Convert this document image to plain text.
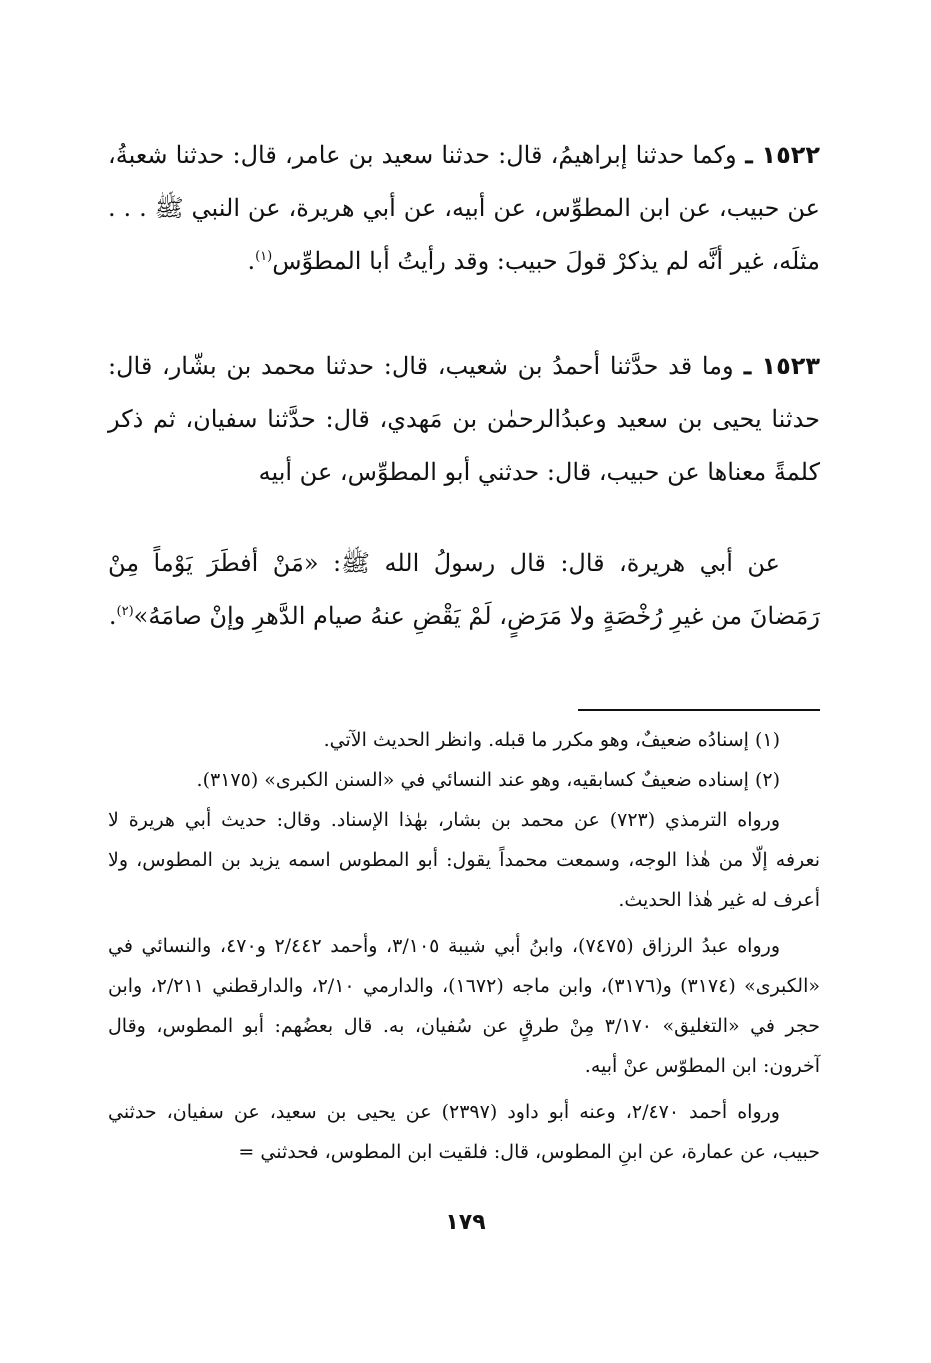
١٥٢٢ ـ وكما حدثنا إبراهيمُ، قال: حدثنا سعيد بن عامر، قال: حدثنا شعبةُ، عن حبيب، عن ابن المطوِّس، عن أبيه، عن أبي هريرة، عن النبي ﷺ . . . مثلَه، غير أنَّه لم يذكرْ قولَ حبيب: وقد رأيتُ أبا المطوِّس$^{(١)}$.

١٥٢٣ ـ وما قد حدَّثنا أحمدُ بن شعيب، قال: حدثنا محمد بن بشّار، قال: حدثنا يحيى بن سعيد وعبدُالرحمٰن بن مَهدي، قال: حدَّثنا سفيان، ثم ذكر كلمةً معناها عن حبيب، قال: حدثني أبو المطوِّس، عن أبيه

عن أبي هريرة، قال: قال رسولُ الله ﷺ: «مَنْ أفطَرَ يَوْماً مِنْ رَمَضانَ من غيرِ رُخْصَةٍ ولا مَرَضٍ، لَمْ يَقْضِ عنهُ صيام الدَّهرِ وإنْ صامَهُ»$^{(٢)}$.

(١) إسنادُه ضعيفٌ، وهو مكرر ما قبله. وانظر الحديث الآتي.

(٢) إسناده ضعيفٌ كسابقيه، وهو عند النسائي في «السنن الكبرى» (٣١٧٥).

ورواه الترمذي (٧٢٣) عن محمد بن بشار، بهٰذا الإسناد. وقال: حديث أبي هريرة لا نعرفه إلّا من هٰذا الوجه، وسمعت محمداً يقول: أبو المطوس اسمه يزيد بن المطوس، ولا أعرف له غير هٰذا الحديث.

ورواه عبدُ الرزاق (٧٤٧٥)، وابنُ أبي شيبة ٣/١٠٥، وأحمد ٢/٤٤٢ و٤٧٠، والنسائي في «الكبرى» (٣١٧٤) و(٣١٧٦)، وابن ماجه (١٦٧٢)، والدارمي ٢/١٠، والدارقطني ٢/٢١١، وابن حجر في «التغليق» ٣/١٧٠ مِنْ طرقٍ عن سُفيان، به. قال بعضُهم: أبو المطوس، وقال آخرون: ابن المطوّس عنْ أبيه.

ورواه أحمد ٢/٤٧٠، وعنه أبو داود (٢٣٩٧) عن يحيى بن سعيد، عن سفيان، حدثني حبيب، عن عمارة، عن ابنِ المطوس، قال: فلقيت ابن المطوس، فحدثني =

١٧٩
